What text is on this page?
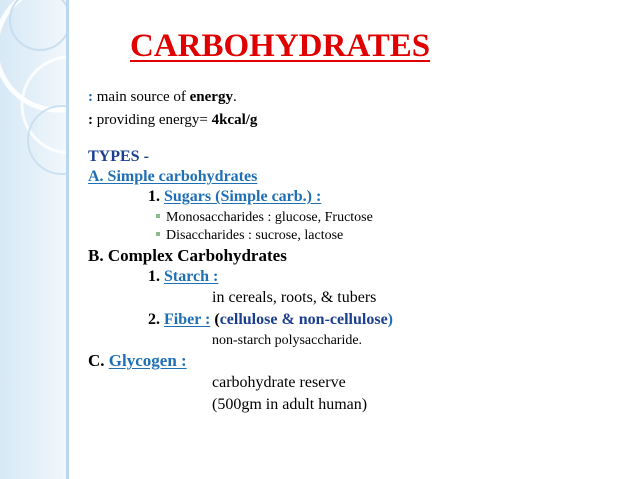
CARBOHYDRATES
: main source of energy.
: providing energy= 4kcal/g
TYPES -
A. Simple carbohydrates
1. Sugars (Simple carb.) :
Monosaccharides : glucose, Fructose
Disaccharides : sucrose, lactose
B. Complex Carbohydrates
1. Starch :
in cereals, roots, & tubers
2. Fiber : (cellulose & non-cellulose)
non-starch polysaccharide.
C. Glycogen :
carbohydrate reserve
(500gm in adult human)
